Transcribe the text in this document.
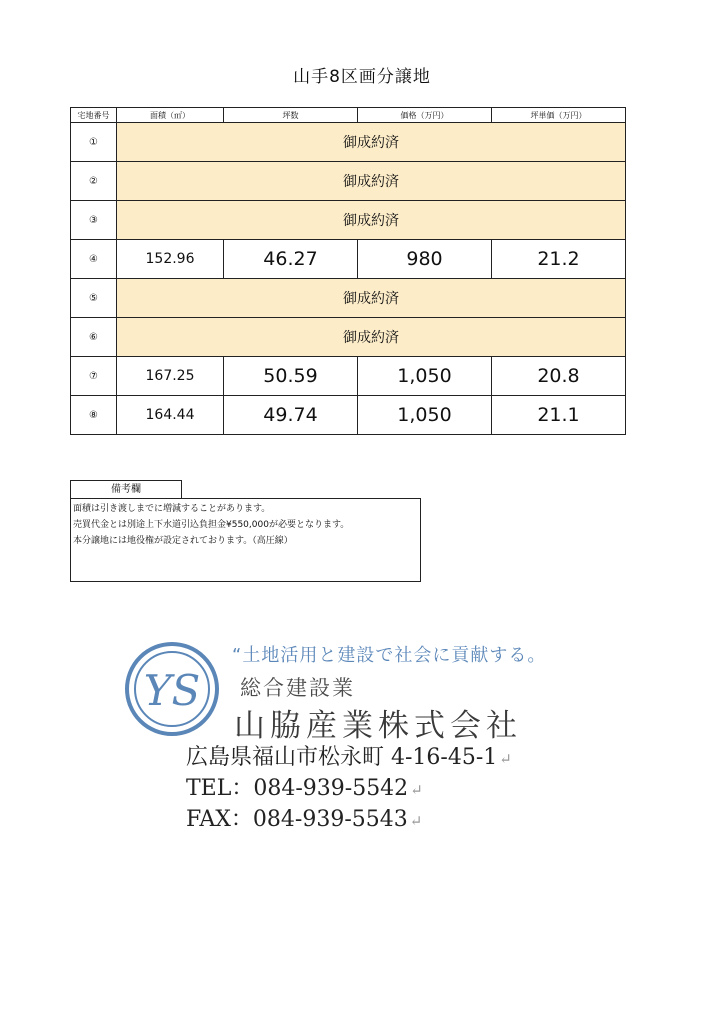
山手8区画分譲地
宅地番号	面積（㎡）	坪数	価格（万円）	坪単価（万円）
①	御成約済			
②	御成約済			
③	御成約済			
④	152.96	46.27	980	21.2
⑤	御成約済			
⑥	御成約済			
⑦	167.25	50.59	1,050	20.8
⑧	164.44	49.74	1,050	21.1
備考欄
面積は引き渡しまでに増減することがあります。
売買代金とは別途上下水道引込負担金¥550,000が必要となります。
本分譲地には地役権が設定されております。（高圧線）
YS
“土地活用と建設で社会に貢献する。
総合建設業
山脇産業株式会社
広島県福山市松永町 4-16-45-1 ↵
TEL：084-939-5542 ↵
FAX：084-939-5543 ↵
